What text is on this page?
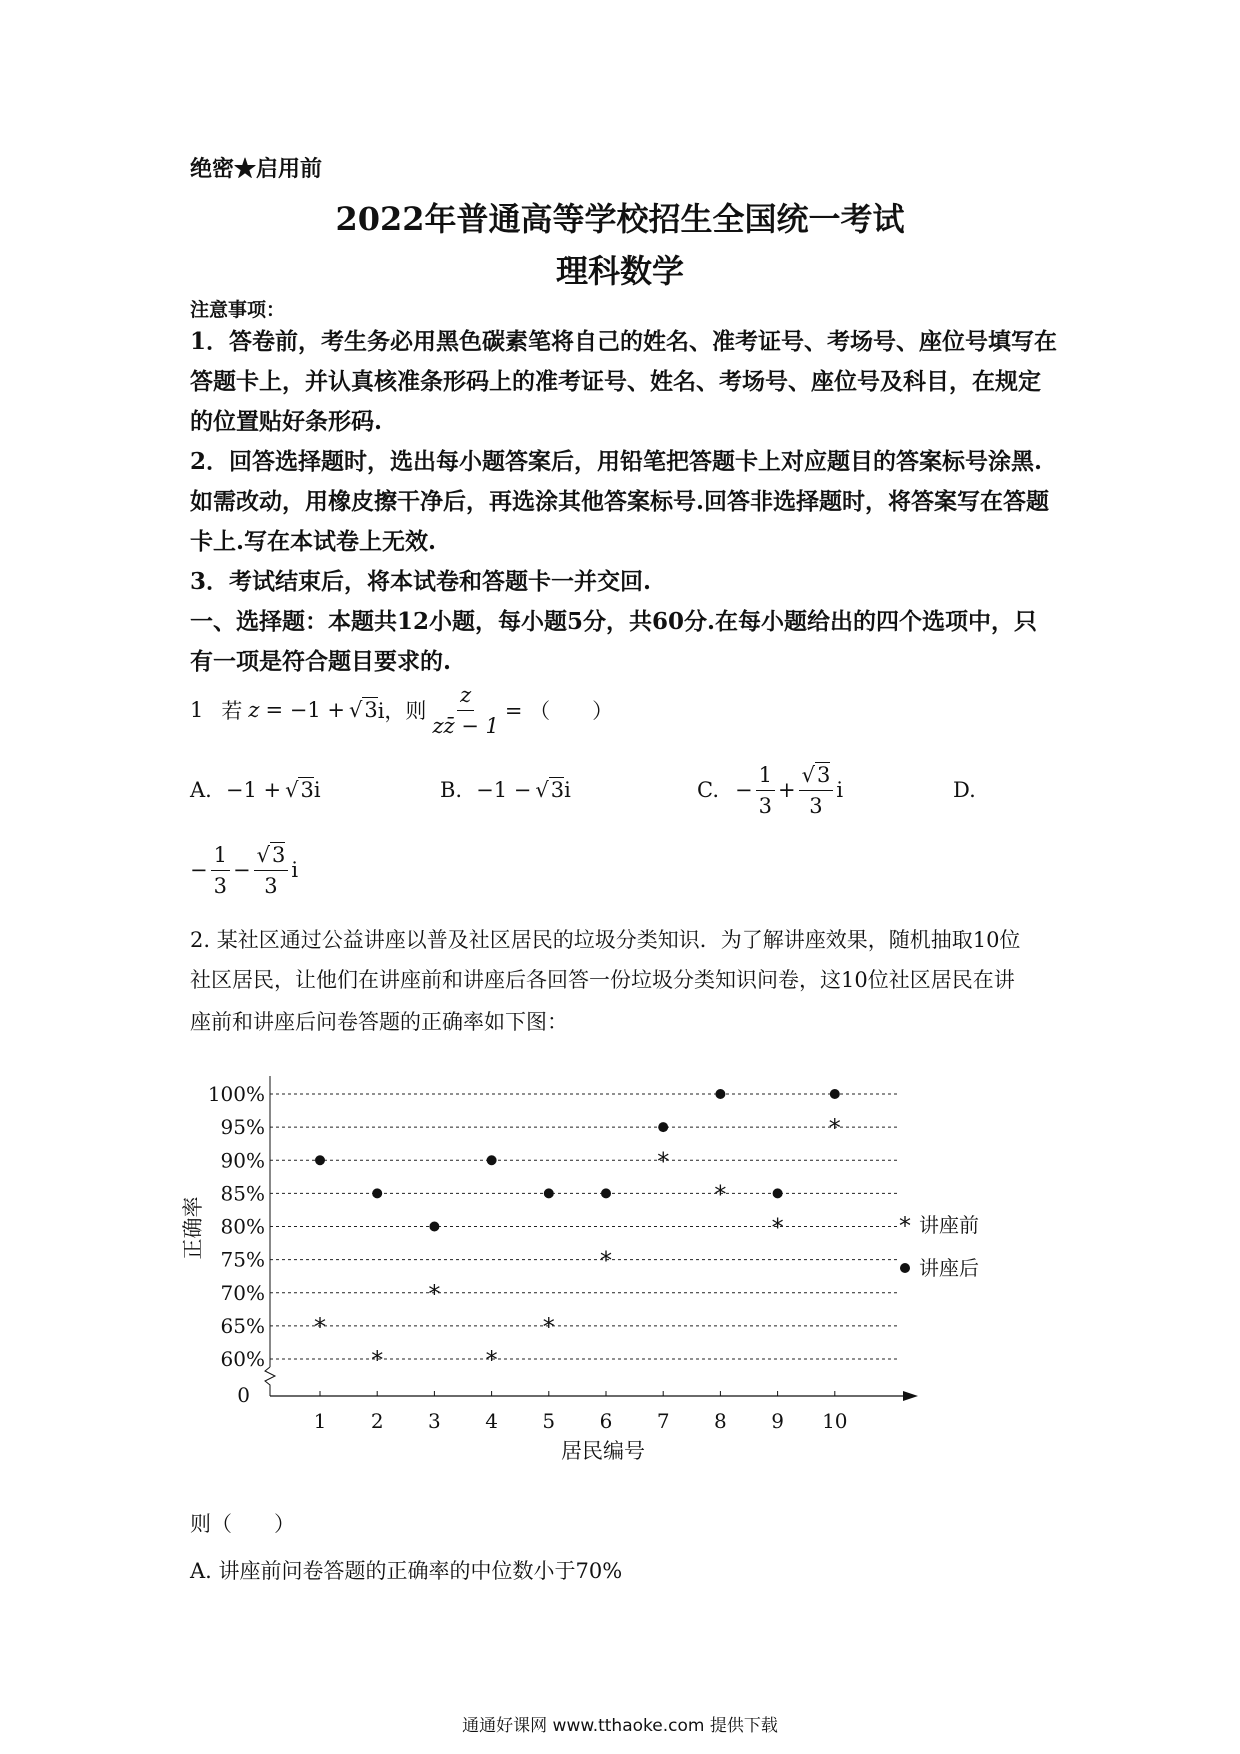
绝密★启用前
2022年普通高等学校招生全国统一考试
理科数学
注意事项：
1．答卷前，考生务必用黑色碳素笔将自己的姓名、准考证号、考场号、座位号填写在答题卡上，并认真核准条形码上的准考证号、姓名、考场号、座位号及科目，在规定的位置贴好条形码.
2．回答选择题时，选出每小题答案后，用铅笔把答题卡上对应题目的答案标号涂黑.如需改动，用橡皮擦干净后，再选涂其他答案标号.回答非选择题时，将答案写在答题卡上.写在本试卷上无效.
3．考试结束后，将本试卷和答题卡一并交回.
一、选择题：本题共12小题，每小题5分，共60分.在每小题给出的四个选项中，只有一项是符合题目要求的.
1 若 z = −1 + √3 i，则 $\frac{z}{zz̄ - 1}$ = （　　）
A. −1 + √3 i	B. −1 − √3 i	C. − $\frac{1}{3} + \frac{√3}{3}$ i	D.
− $\frac{1}{3} - \frac{√3}{3}$ i
2. 某社区通过公益讲座以普及社区居民的垃圾分类知识．为了解讲座效果，随机抽取10位
社区居民，让他们在讲座前和讲座后各回答一份垃圾分类知识问卷，这10位社区居民在讲
座前和讲座后问卷答题的正确率如下图：
0
60%
65%
70%
75%
80%
85%
90%
95%
100%
1 2 3 4 5 6 7 8 9 10
居民编号
正确率
*
*
*
*
*
*
*
*
*
*
* 讲座前
讲座后
则（　　）
A. 讲座前问卷答题的正确率的中位数小于70%
通通好课网 www.tthaoke.com 提供下载
